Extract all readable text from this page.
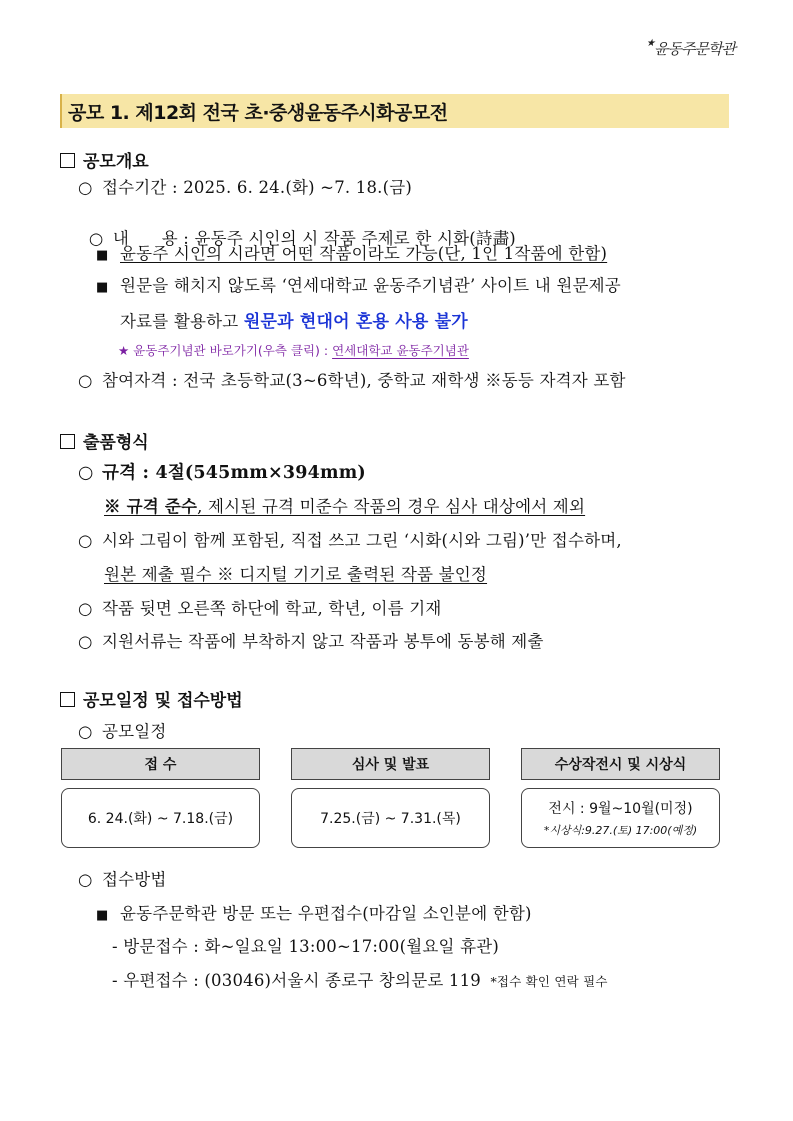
★윤동주문학관
공모 1. 제12회 전국 초·중생윤동주시화공모전
공모개요
○ 접수기간 : 2025. 6. 24.(화) ~7. 18.(금)

○ 내      용 : 윤동주 시인의 시 작품 주제로 한 시화(詩畵)

■ 윤동주 시인의 시라면 어떤 작품이라도 가능(단, 1인 1작품에 한함)
■ 원문을 해치지 않도록 ‘연세대학교 윤동주기념관’ 사이트 내 원문제공
자료를 활용하고 원문과 현대어 혼용 사용 불가
★ 윤동주기념관 바로가기(우측 클릭) : 연세대학교 윤동주기념관
○ 참여자격 : 전국 초등학교(3~6학년), 중학교 재학생 ※동등 자격자 포함
출품형식
○ 규격 : 4절(545mm×394mm)
※ 규격 준수, 제시된 규격 미준수 작품의 경우 심사 대상에서 제외
○ 시와 그림이 함께 포함된, 직접 쓰고 그린 ‘시화(시와 그림)’만 접수하며,
원본 제출 필수 ※ 디지털 기기로 출력된 작품 불인정
○ 작품 뒷면 오른쪽 하단에 학교, 학년, 이름 기재
○ 지원서류는 작품에 부착하지 않고 작품과 봉투에 동봉해 제출
공모일정 및 접수방법
○ 공모일정
접 수	심사 및 발표	수상작전시 및 시상식
6. 24.(화) ~ 7.18.(금)	7.25.(금) ~ 7.31.(목)
전시 : 9월~10월(미정)
*시상식:9.27.(토) 17:00(예정)
○ 접수방법
■ 윤동주문학관 방문 또는 우편접수(마감일 소인분에 한함)
- 방문접수 : 화~일요일 13:00~17:00(월요일 휴관)
- 우편접수 : (03046)서울시 종로구 창의문로 119 *접수 확인 연락 필수
